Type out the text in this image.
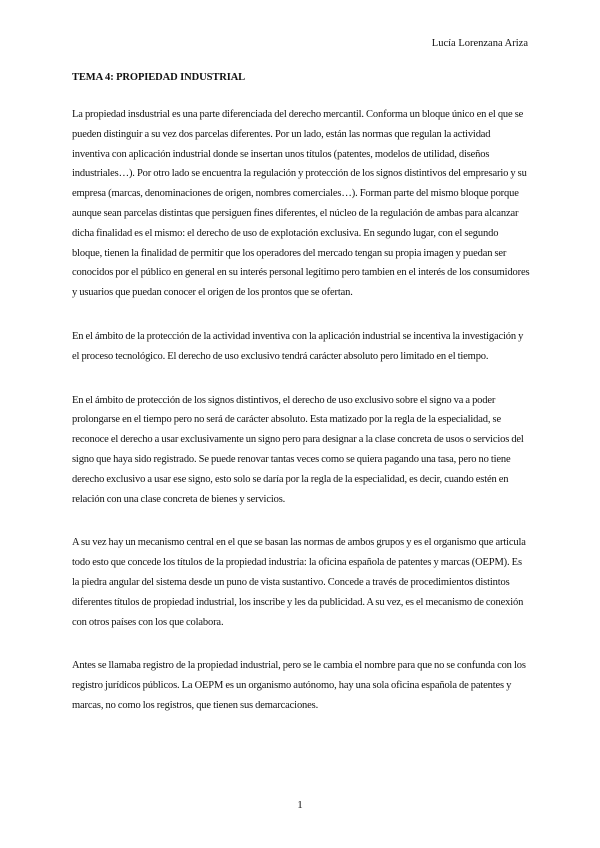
Lucía Lorenzana Ariza
TEMA 4: PROPIEDAD INDUSTRIAL

La propiedad insdustrial es una parte diferenciada del derecho mercantil. Conforma un bloque único en el que se pueden distinguir a su vez dos parcelas diferentes. Por un lado, están las normas que regulan la actividad inventiva con aplicación industrial donde se insertan unos títulos (patentes, modelos de utilidad, diseños industriales…). Por otro lado se encuentra la regulación y protección de los signos distintivos del empresario y su empresa (marcas, denominaciones de origen, nombres comerciales…). Forman parte del mismo bloque porque aunque sean parcelas distintas que persiguen fines diferentes, el núcleo de la regulación de ambas para alcanzar dicha finalidad es el mismo: el derecho de uso de explotación exclusiva. En segundo lugar, con el segundo bloque, tienen la finalidad de permitir que los operadores del mercado tengan su propia imagen y puedan ser conocidos por el público en general en su interés personal legítimo pero tambien en el interés de los consumidores y usuarios que puedan conocer el origen de los prontos que se ofertan.

En el ámbito de la protección de la actividad inventiva con la aplicación industrial se incentiva la investigación y el proceso tecnológico. El derecho de uso exclusivo tendrá carácter absoluto pero limitado en el tiempo.

En el ámbito de protección de los signos distintivos, el derecho de uso exclusivo sobre el signo va a poder prolongarse en el tiempo pero no será de carácter absoluto. Esta matizado por la regla de la especialidad, se reconoce el derecho a usar exclusivamente un signo pero para designar a la clase concreta de usos o servicios del signo que haya sido registrado. Se puede renovar tantas veces como se quiera pagando una tasa, pero no tiene derecho exclusivo a usar ese signo, esto solo se daría por la regla de la especialidad, es decir, cuando estén en relación con una clase concreta de bienes y servicios.

A su vez hay un mecanismo central en el que se basan las normas de ambos grupos y es el organismo que articula todo esto que concede los títulos de la propiedad industria: la oficina española de patentes y marcas (OEPM). Es la piedra angular del sistema desde un puno de vista sustantivo. Concede a través de procedimientos distintos diferentes títulos de propiedad industrial, los inscribe y les da publicidad. A su vez, es el mecanismo de conexión con otros países con los que colabora.

Antes se llamaba registro de la propiedad industrial, pero se le cambia el nombre para que no se confunda con los registro jurídicos públicos. La OEPM es un organismo autónomo, hay una sola oficina española de patentes y marcas, no como los registros, que tienen sus demarcaciones.

1
